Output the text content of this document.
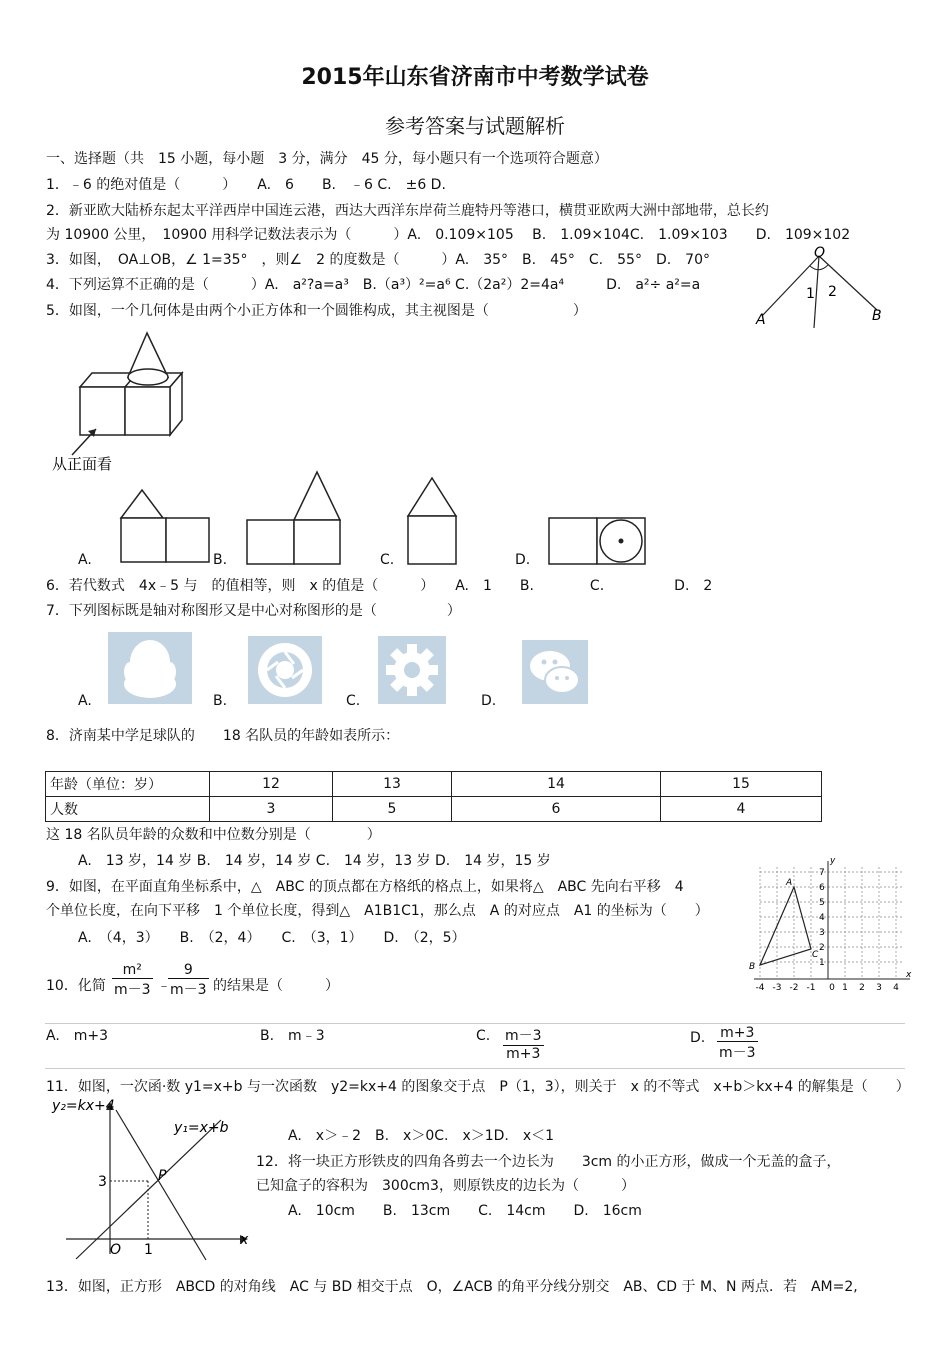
2015年山东省济南市中考数学试卷
参考答案与试题解析
一、选择题（共　15 小题，每小题　3 分，满分　45 分，每小题只有一个选项符合题意）
1．﹣6 的绝对值是（　　　）　　A.　6　　B.　﹣6 C.　±6 D.
2．新亚欧大陆桥东起太平洋西岸中国连云港，西达大西洋东岸荷兰鹿特丹等港口，横贯亚欧两大洲中部地带，总长约
为 10900 公里，　10900 用科学记数法表示为（　　　）A.　0.109×105　 B.　1.09×104C.　1.09×103　　D.　109×102
3．如图，　OA⊥OB，∠ 1=35°　，则∠　2 的度数是（　　　）A.　35°　B.　45°　C.　55°　D.　70°
4．下列运算不正确的是（　　　）A.　a²?a=a³　B.（a³）²=a⁶ C.（2a²）2=4a⁴　　　D.　a²÷ a²=a
5．如图，一个几何体是由两个小正方体和一个圆锥构成，其主视图是（　　　　　　）
O
1 2
A	B
从正面看
A.	B.	C.	D.
6．若代数式　4x﹣5 与　的值相等，则　x 的值是（　　　）　　A.　1　　B.　　　　C.　　　　　D.　2
7．下列图标既是轴对称图形又是中心对称图形的是（　　　　　）
A.	B.	C.	D.
8．济南某中学足球队的　　18 名队员的年龄如表所示：
年龄（单位：岁）	12	13	14	15
人数	3	5	6	4
这 18 名队员年龄的众数和中位数分别是（　　　　）
A.　13 岁，14 岁 B.　14 岁，14 岁 C.　14 岁，13 岁 D.　14 岁，15 岁
9．如图，在平面直角坐标系中，△　ABC 的顶点都在方格纸的格点上，如果将△　ABC 先向右平移　4
个单位长度，在向下平移　1 个单位长度，得到△　A1B1C1，那么点　A 的对应点　A1 的坐标为（　　）
A.　（4，3）　　B.　（2，4）　　C.　（3，1）　　D.　（2，5）
y
x
A
B
C
-4 -3 -2 -1 0 1 2 3 4
7
6
5
4
3
2
1
10．化简 $\frac{\text{m²}}{m-3}$ ﹣
$\frac{9}{m-3}$ 的结果是（　　　）
A.　m+3	B.　m﹣3	C. $\frac{m-3}{m+3}$	D. $\frac{m+3}{m-3}$
11．如图，一次函·数 y1=x+b 与一次函数　y2=kx+4 的图象交于点　P（1，3），则关于　x 的不等式　x+b＞kx+4 的解集是（　　）
y₂=kx+4
y₁=x+b
P
3
1
O
x
A.　x＞﹣2　B.　x＞0C.　x＞1D.　x＜1
12．将一块正方形铁皮的四角各剪去一个边长为　　3cm 的小正方形，做成一个无盖的盒子，
已知盒子的容积为　300cm3，则原铁皮的边长为（　　　）
A.　10cm　　B.　13cm　　C.　14cm　　D.　16cm
13．如图，正方形　ABCD 的对角线　AC 与 BD 相交于点　O，∠ACB 的角平分线分别交　AB、CD 于 M、N 两点．若　AM=2,
